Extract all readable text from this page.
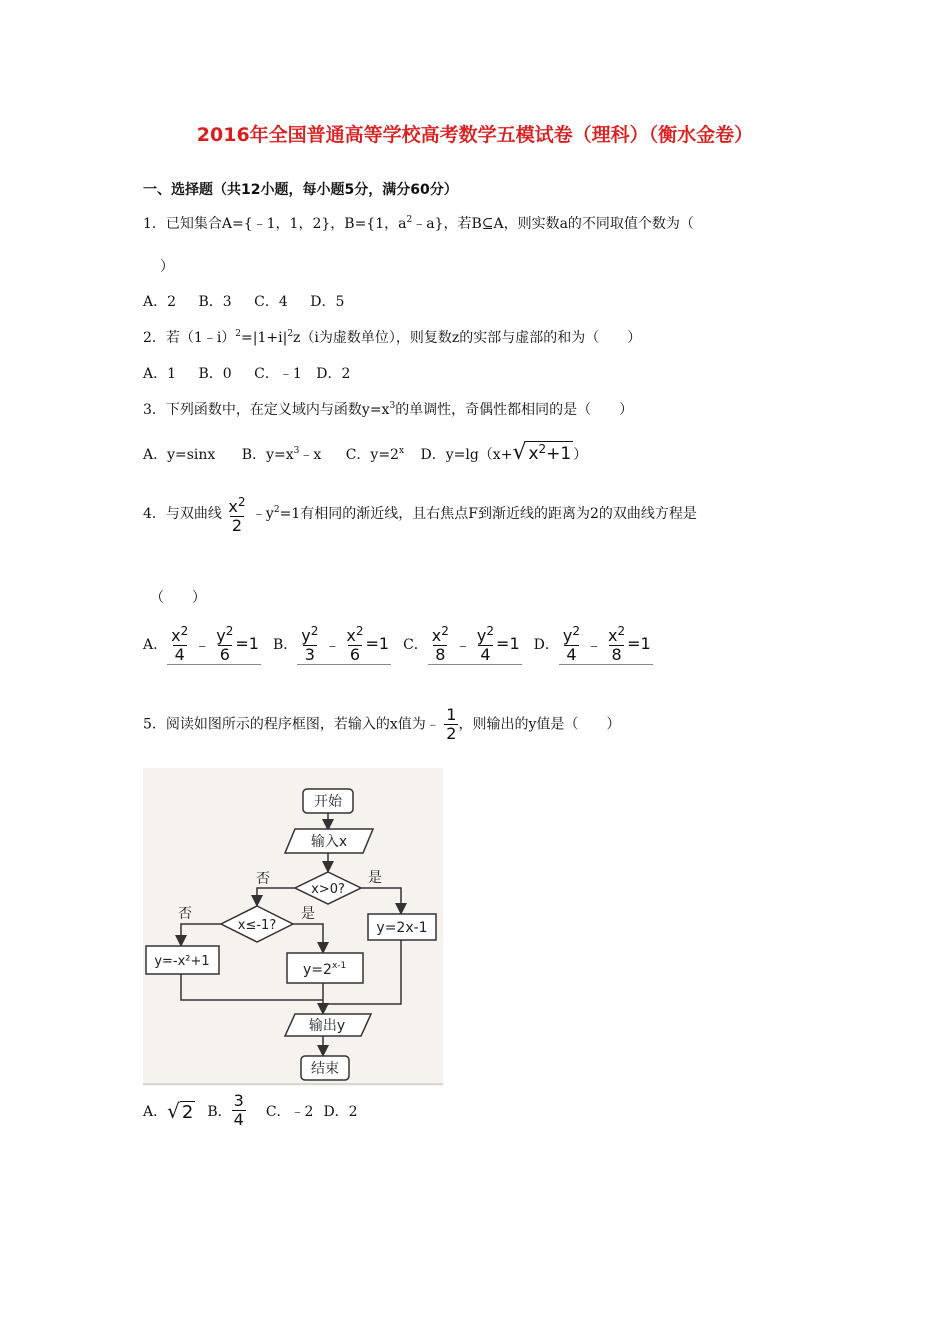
2016年全国普通高等学校高考数学五模试卷（理科）（衡水金卷）
一、选择题（共12小题，每小题5分，满分60分）
1．已知集合A={﹣1，1，2}，B={1，$a^2﹣a$}，若B⊆A，则实数a的不同取值个数为（
）
A．2 B．3 C．4 D．5
2．若$(1﹣i)^2=|1+i|^2z(i$为虚数单位），则复数z的实部与虚部的和为（　　）
A．1 B．0 C．﹣1 D．2
3．下列函数中，在定义域内与函数$y=x^3$的单调性，奇偶性都相同的是（　　）
A．y=sinx B．$y=x^3﹣x$ C．$y=2^x$ D．y=lg（x+√ $x^2+1$ ）
4．与双曲线 $\frac{x^2}{2}$ $﹣y^2=1$有相同的渐近线，且右焦点F到渐近线的距离为2的双曲线方程是
（　　）
A． $\frac{x^2}{4}$ ﹣ $\frac{y^2}{6} =1$ B． $\frac{y^2}{3}$ ﹣ $\frac{x^2}{6} =1$ C． $\frac{x^2}{8}$ ﹣ $\frac{y^2}{4} =1$ D． $\frac{y^2}{4}$ ﹣ $\frac{x^2}{8} =1$
5．阅读如图所示的程序框图，若输入的x值为﹣ $\frac{1}{2}$ ，则输出的y值是（　　）
开始
输入x
x>0?
否	是
x≤-1?
否	是
y=2x-1
y=-x²+1
$y=2^{x-1}$
输出y
结束
A． √ 2 B． $\frac{3}{4}$ C．﹣2 D．2
